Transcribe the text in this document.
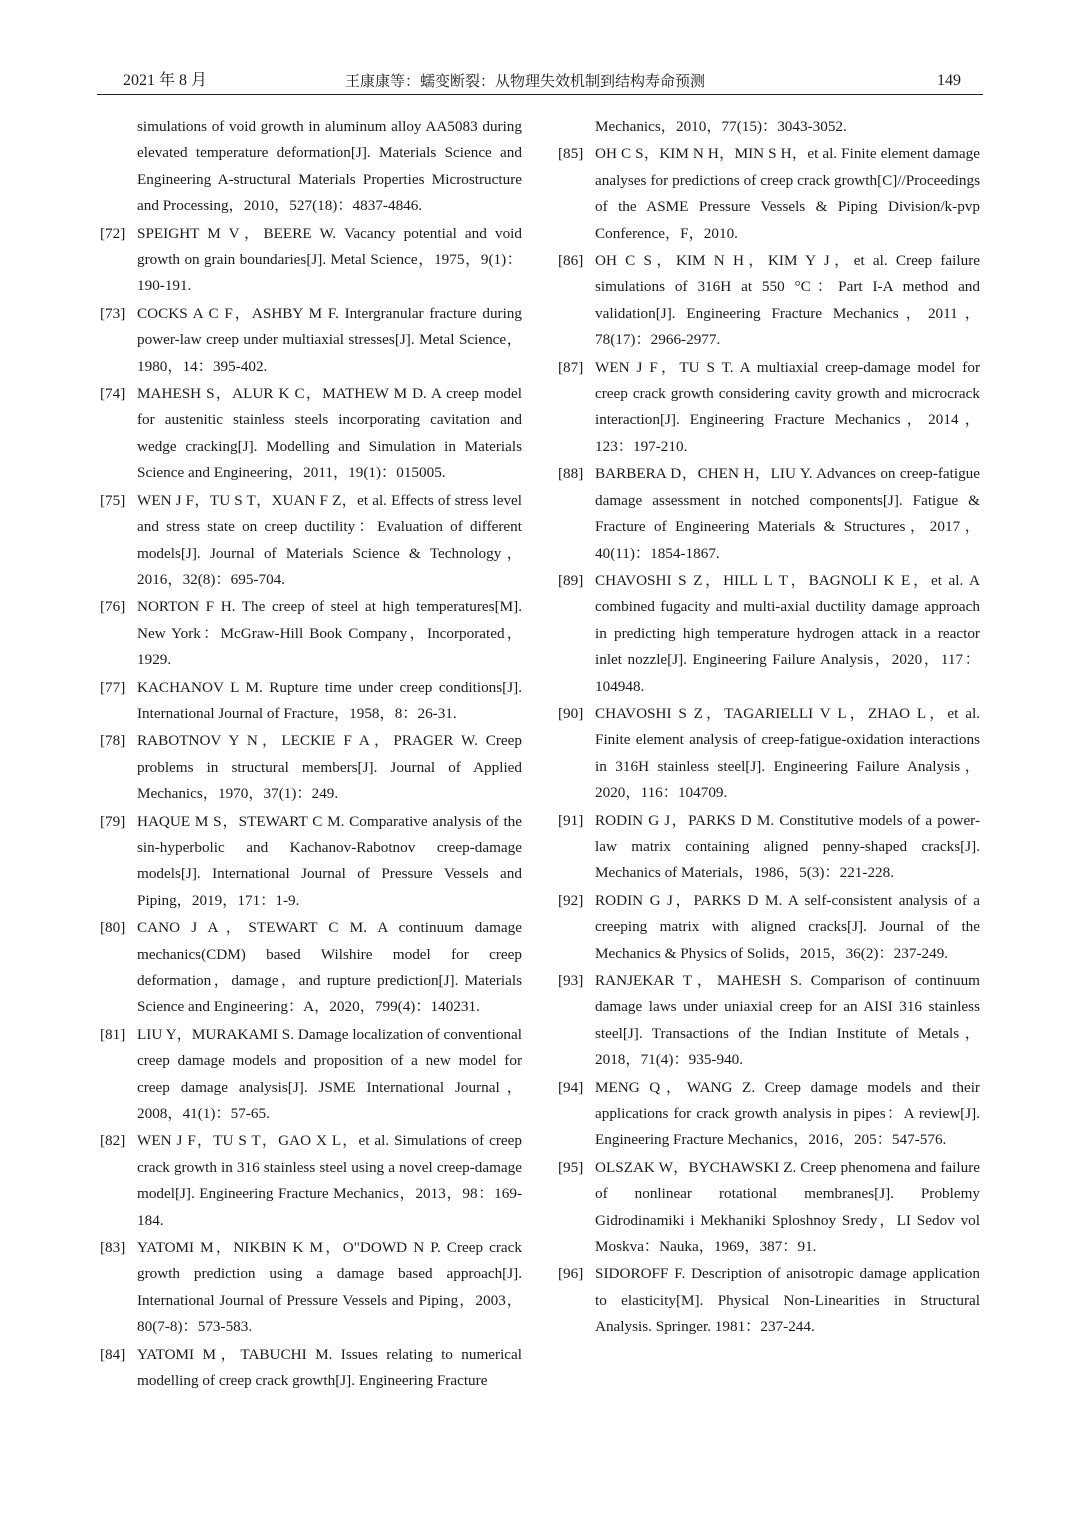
2021 年 8 月	王康康等：蠕变断裂：从物理失效机制到结构寿命预测	149
simulations of void growth in aluminum alloy AA5083 during elevated temperature deformation[J]. Materials Science and Engineering A-structural Materials Properties Microstructure and Processing，2010，527(18)：4837-4846.
[72] SPEIGHT M V，BEERE W. Vacancy potential and void growth on grain boundaries[J]. Metal Science，1975，9(1)：190-191.
[73] COCKS A C F，ASHBY M F. Intergranular fracture during power-law creep under multiaxial stresses[J]. Metal Science，1980，14：395-402.
[74] MAHESH S，ALUR K C，MATHEW M D. A creep model for austenitic stainless steels incorporating cavitation and wedge cracking[J]. Modelling and Simulation in Materials Science and Engineering，2011，19(1)：015005.
[75] WEN J F，TU S T，XUAN F Z，et al. Effects of stress level and stress state on creep ductility：Evaluation of different models[J]. Journal of Materials Science & Technology，2016，32(8)：695-704.
[76] NORTON F H. The creep of steel at high temperatures[M]. New York：McGraw-Hill Book Company，Incorporated，1929.
[77] KACHANOV L M. Rupture time under creep conditions[J]. International Journal of Fracture，1958，8：26-31.
[78] RABOTNOV Y N，LECKIE F A，PRAGER W. Creep problems in structural members[J]. Journal of Applied Mechanics，1970，37(1)：249.
[79] HAQUE M S，STEWART C M. Comparative analysis of the sin-hyperbolic and Kachanov-Rabotnov creep-damage models[J]. International Journal of Pressure Vessels and Piping，2019，171：1-9.
[80] CANO J A，STEWART C M. A continuum damage mechanics(CDM) based Wilshire model for creep deformation，damage，and rupture prediction[J]. Materials Science and Engineering：A，2020，799(4)：140231.
[81] LIU Y，MURAKAMI S. Damage localization of conventional creep damage models and proposition of a new model for creep damage analysis[J]. JSME International Journal，2008，41(1)：57-65.
[82] WEN J F，TU S T，GAO X L，et al. Simulations of creep crack growth in 316 stainless steel using a novel creep-damage model[J]. Engineering Fracture Mechanics，2013，98：169-184.
[83] YATOMI M，NIKBIN K M，O"DOWD N P. Creep crack growth prediction using a damage based approach[J]. International Journal of Pressure Vessels and Piping，2003，80(7-8)：573-583.
[84] YATOMI M，TABUCHI M. Issues relating to numerical modelling of creep crack growth[J]. Engineering Fracture
Mechanics，2010，77(15)：3043-3052.
[85] OH C S，KIM N H，MIN S H，et al. Finite element damage analyses for predictions of creep crack growth[C]//Proceedings of the ASME Pressure Vessels & Piping Division/k-pvp Conference，F，2010.
[86] OH C S，KIM N H，KIM Y J，et al. Creep failure simulations of 316H at 550 °C：Part I-A method and validation[J]. Engineering Fracture Mechanics，2011，78(17)：2966-2977.
[87] WEN J F，TU S T. A multiaxial creep-damage model for creep crack growth considering cavity growth and microcrack interaction[J]. Engineering Fracture Mechanics，2014，123：197-210.
[88] BARBERA D，CHEN H，LIU Y. Advances on creep-fatigue damage assessment in notched components[J]. Fatigue & Fracture of Engineering Materials & Structures，2017，40(11)：1854-1867.
[89] CHAVOSHI S Z，HILL L T，BAGNOLI K E，et al. A combined fugacity and multi-axial ductility damage approach in predicting high temperature hydrogen attack in a reactor inlet nozzle[J]. Engineering Failure Analysis，2020，117：104948.
[90] CHAVOSHI S Z，TAGARIELLI V L，ZHAO L，et al. Finite element analysis of creep-fatigue-oxidation interactions in 316H stainless steel[J]. Engineering Failure Analysis，2020，116：104709.
[91] RODIN G J，PARKS D M. Constitutive models of a power-law matrix containing aligned penny-shaped cracks[J]. Mechanics of Materials，1986，5(3)：221-228.
[92] RODIN G J，PARKS D M. A self-consistent analysis of a creeping matrix with aligned cracks[J]. Journal of the Mechanics & Physics of Solids，2015，36(2)：237-249.
[93] RANJEKAR T，MAHESH S. Comparison of continuum damage laws under uniaxial creep for an AISI 316 stainless steel[J]. Transactions of the Indian Institute of Metals，2018，71(4)：935-940.
[94] MENG Q，WANG Z. Creep damage models and their applications for crack growth analysis in pipes：A review[J]. Engineering Fracture Mechanics，2016，205：547-576.
[95] OLSZAK W，BYCHAWSKI Z. Creep phenomena and failure of nonlinear rotational membranes[J]. Problemy Gidrodinamiki i Mekhaniki Sploshnoy Sredy，LI Sedov vol Moskva：Nauka，1969，387：91.
[96] SIDOROFF F. Description of anisotropic damage application to elasticity[M]. Physical Non-Linearities in Structural Analysis. Springer. 1981：237-244.
